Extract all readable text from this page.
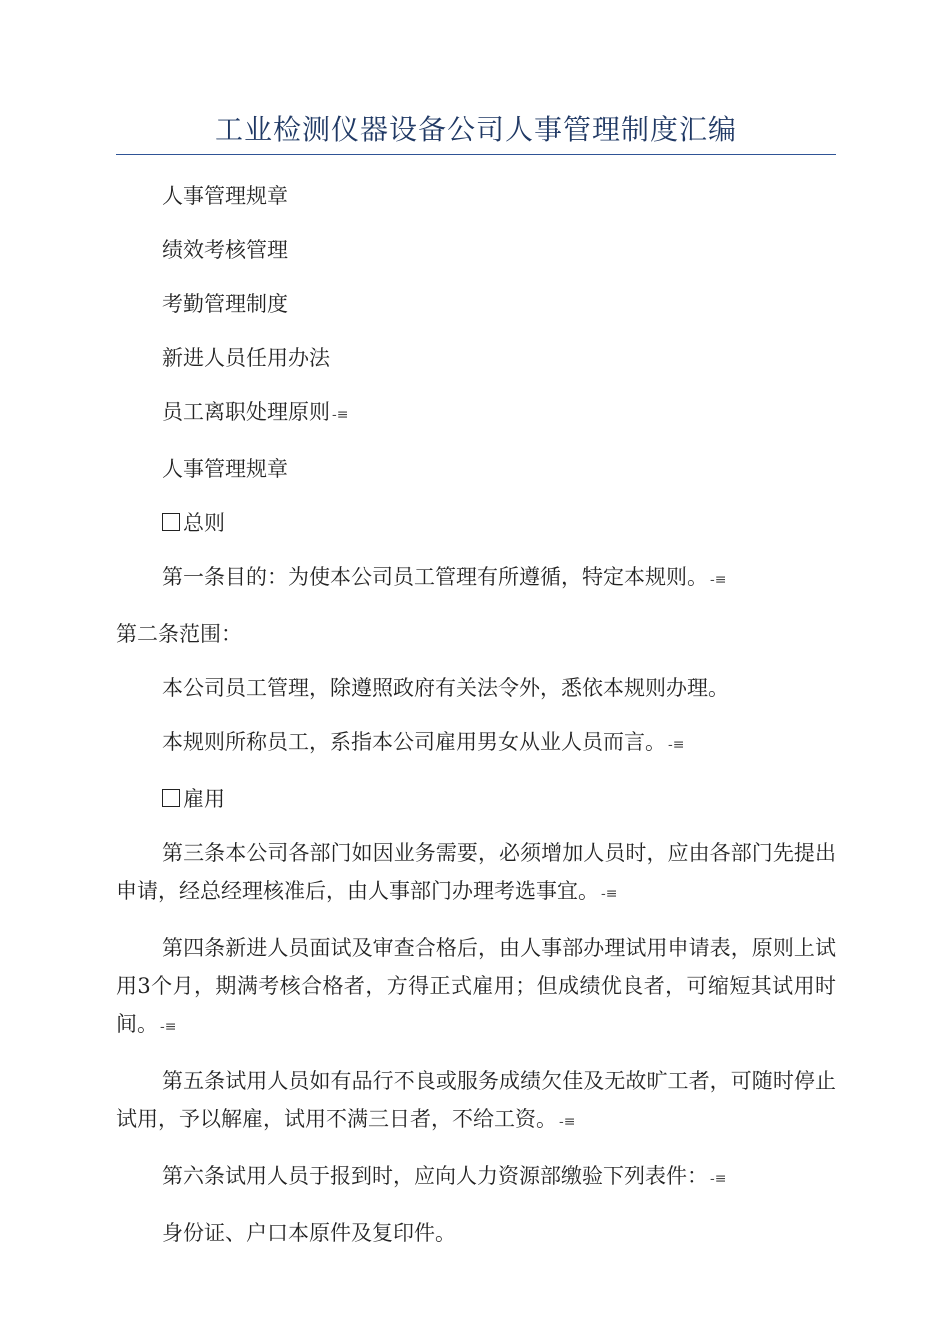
工业检测仪器设备公司人事管理制度汇编
人事管理规章
绩效考核管理
考勤管理制度
新进人员任用办法
员工离职处理原则 -≡
人事管理规章
总则
第一条目的：为使本公司员工管理有所遵循，特定本规则。 -≡
第二条范围：
本公司员工管理，除遵照政府有关法令外，悉依本规则办理。
本规则所称员工，系指本公司雇用男女从业人员而言。 -≡
雇用
第三条本公司各部门如因业务需要，必须增加人员时，应由各部门先提出申请，经总经理核准后，由人事部门办理考选事宜。 -≡
第四条新进人员面试及审查合格后，由人事部办理试用申请表，原则上试用3个月，期满考核合格者，方得正式雇用；但成绩优良者，可缩短其试用时间。 -≡
第五条试用人员如有品行不良或服务成绩欠佳及无故旷工者，可随时停止试用，予以解雇，试用不满三日者，不给工资。 -≡
第六条试用人员于报到时，应向人力资源部缴验下列表件： -≡
身份证、户口本原件及复印件。
